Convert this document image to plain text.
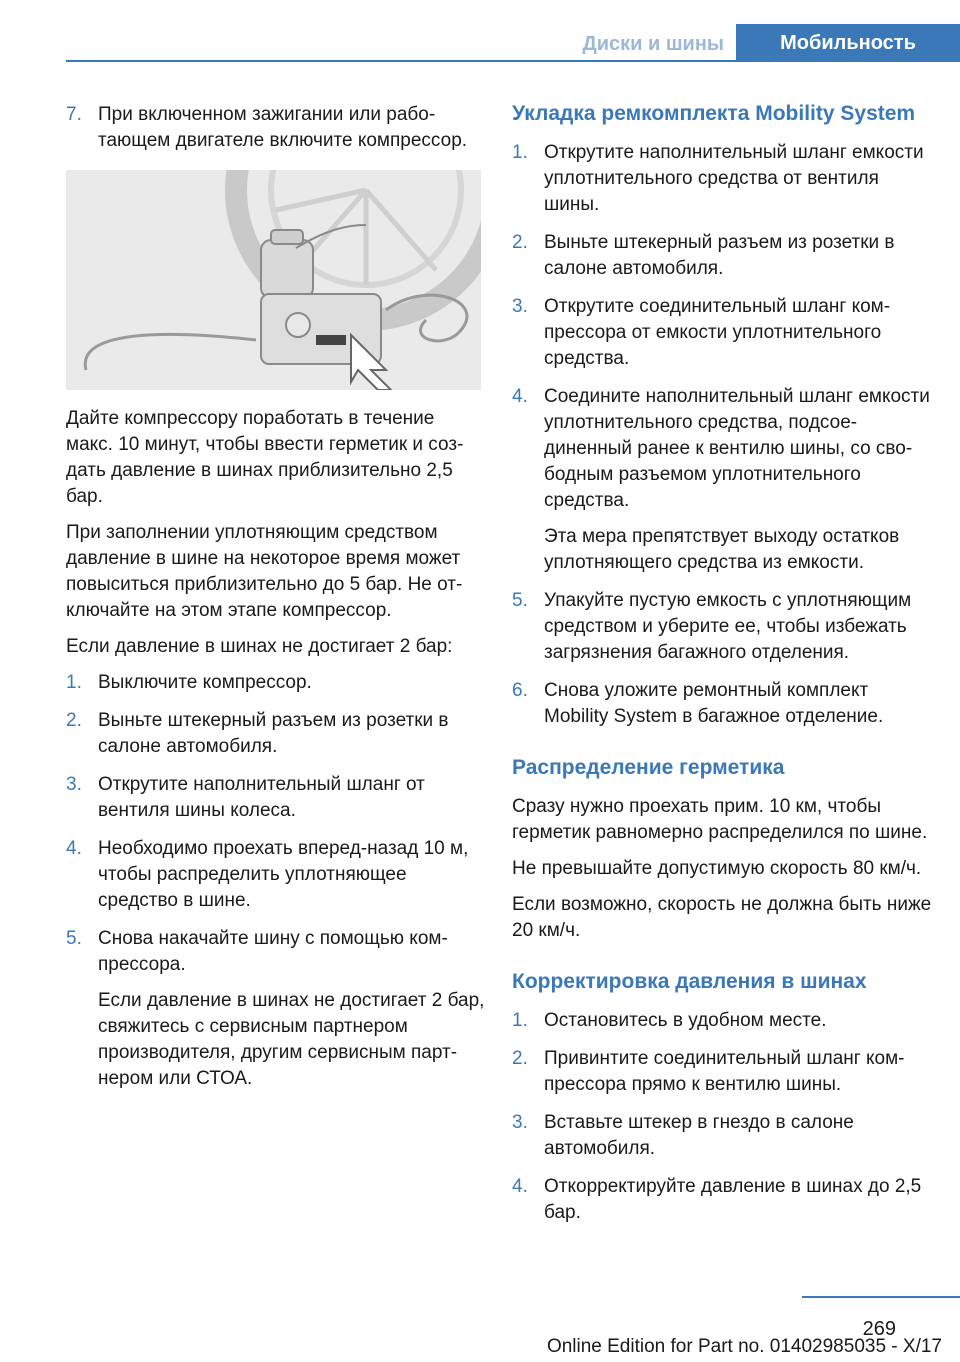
Диски и шины	Мобильность
7. При включенном зажигании или работающем двигателе включите компрессор.

Дайте компрессору поработать в течение макс. 10 минут, чтобы ввести герметик и создать давление в шинах приблизительно 2,5 бар.

При заполнении уплотняющим средством давление в шине на некоторое время может повыситься приблизительно до 5 бар. Не отключайте на этом этапе компрессор.

Если давление в шинах не достигает 2 бар:

1. Выключите компрессор.
2. Выньте штекерный разъем из розетки в салоне автомобиля.
3. Открутите наполнительный шланг от вентиля шины колеса.
4. Необходимо проехать вперед-назад 10 м, чтобы распределить уплотняющее средство в шине.
5. Снова накачайте шину с помощью компрессора.
Если давление в шинах не достигает 2 бар, свяжитесь с сервисным партнером производителя, другим сервисным партнером или СТОА.
Укладка ремкомплекта Mobility System
1. Открутите наполнительный шланг емкости уплотнительного средства от вентиля шины.
2. Выньте штекерный разъем из розетки в салоне автомобиля.
3. Открутите соединительный шланг компрессора от емкости уплотнительного средства.
4. Соедините наполнительный шланг емкости уплотнительного средства, подсоединенный ранее к вентилю шины, со свободным разъемом уплотнительного средства.
Эта мера препятствует выходу остатков уплотняющего средства из емкости.
5. Упакуйте пустую емкость с уплотняющим средством и уберите ее, чтобы избежать загрязнения багажного отделения.
6. Снова уложите ремонтный комплект Mobility System в багажное отделение.
Распределение герметика

Сразу нужно проехать прим. 10 км, чтобы герметик равномерно распределился по шине.

Не превышайте допустимую скорость 80 км/ч.

Если возможно, скорость не должна быть ниже 20 км/ч.

Корректировка давления в шинах
1. Остановитесь в удобном месте.
2. Привинтите соединительный шланг компрессора прямо к вентилю шины.
3. Вставьте штекер в гнездо в салоне автомобиля.
4. Откорректируйте давление в шинах до 2,5 бар.
269
Online Edition for Part no. 01402985035 - X/17
